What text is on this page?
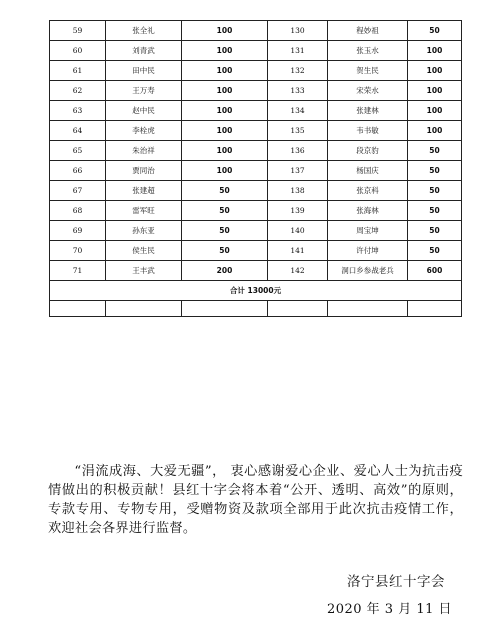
59	张全礼	100	130	程妙祖	50
60	刘青武	100	131	张玉水	100
61	田中民	100	132	贺生民	100
62	王万寿	100	133	宋荣水	100
63	赵中民	100	134	张建林	100
64	李栓虎	100	135	韦书敏	100
65	朱治祥	100	136	段京豹	50
66	贾同治	100	137	杨国庆	50
67	张建超	50	138	张京科	50
68	雷军旺	50	139	张海林	50
69	孙东亚	50	140	周宝坤	50
70	侯生民	50	141	许付坤	50
71	王丰武	200	142	洞口乡参战老兵	600
合计 13000元					

“涓流成海、大爱无疆”， 衷心感谢爱心企业、爱心人士为抗击疫情做出的积极贡献！县红十字会将本着“公开、透明、高效”的原则，专款专用、专物专用，受赠物资及款项全部用于此次抗击疫情工作，欢迎社会各界进行监督。

洛宁县红十字会
2020 年 3 月 11 日
